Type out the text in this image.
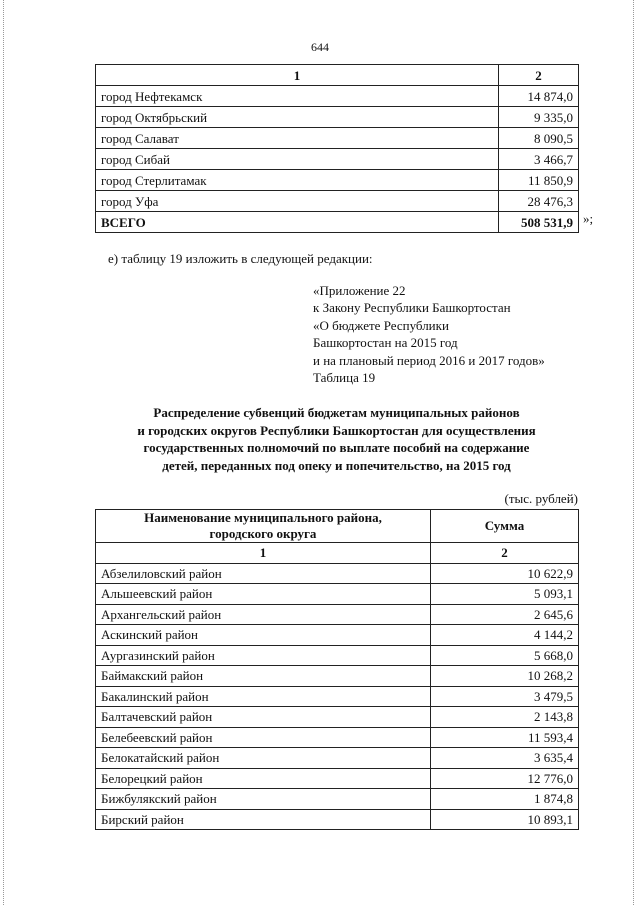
644
1	2
город Нефтекамск	14 874,0
город Октябрьский	9 335,0
город Салават	8 090,5
город Сибай	3 466,7
город Стерлитамак	11 850,9
город Уфа	28 476,3
ВСЕГО	508 531,9 »;
е) таблицу 19 изложить в следующей редакции:
«Приложение 22
к Закону Республики Башкортостан
«О бюджете Республики
Башкортостан на 2015 год
и на плановый период 2016 и 2017 годов»
Таблица 19
Распределение субвенций бюджетам муниципальных районов
и городских округов Республики Башкортостан для осуществления
государственных полномочий по выплате пособий на содержание
детей, переданных под опеку и попечительство, на 2015 год
(тыс. рублей)
Наименование муниципального района,
городского округа	Сумма
1	2
Абзелиловский район	10 622,9
Альшеевский район	5 093,1
Архангельский район	2 645,6
Аскинский район	4 144,2
Аургазинский район	5 668,0
Баймакский район	10 268,2
Бакалинский район	3 479,5
Балтачевский район	2 143,8
Белебеевский район	11 593,4
Белокатайский район	3 635,4
Белорецкий район	12 776,0
Бижбулякский район	1 874,8
Бирский район	10 893,1
